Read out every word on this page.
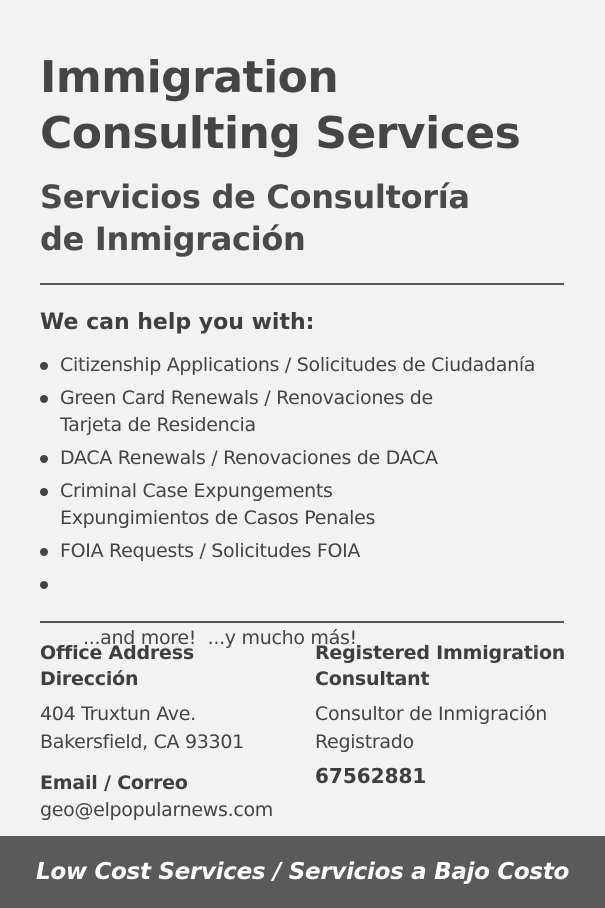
Immigration
Consulting Services
Servicios de Consultoría
de Inmigración
We can help you with:
Citizenship Applications / Solicitudes de Ciudadanía
Green Card Renewals / Renovaciones de
Tarjeta de Residencia
DACA Renewals / Renovaciones de DACA
Criminal Case Expungements
Expungimientos de Casos Penales
FOIA Requests / Solicitudes FOIA

...and more!  ...y mucho más!

Office Address

Dirección

404 Truxtun Ave.

Bakersfield, CA 93301

Email / Correo

geo@elpopularnews.com

Registered Immigration

Consultant

Consultor de Inmigración

Registrado

67562881

Low Cost Services / Servicios a Bajo Costo
